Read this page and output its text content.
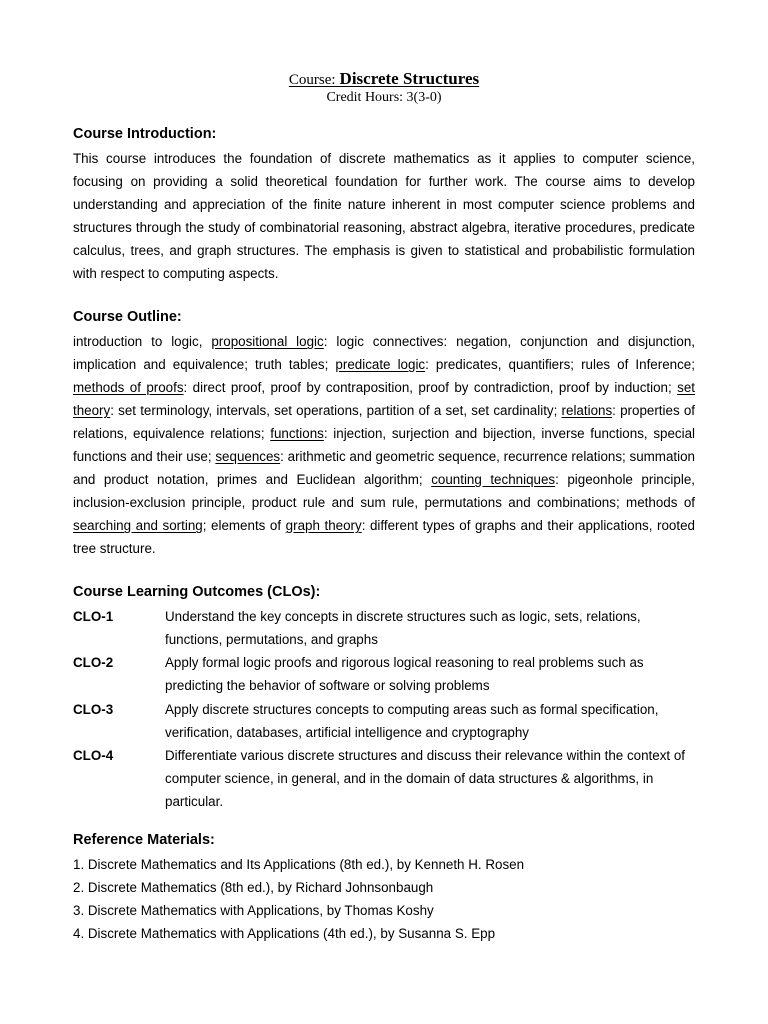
Course: Discrete Structures
Credit Hours: 3(3-0)
Course Introduction:
This course introduces the foundation of discrete mathematics as it applies to computer science, focusing on providing a solid theoretical foundation for further work. The course aims to develop understanding and appreciation of the finite nature inherent in most computer science problems and structures through the study of combinatorial reasoning, abstract algebra, iterative procedures, predicate calculus, trees, and graph structures. The emphasis is given to statistical and probabilistic formulation with respect to computing aspects.
Course Outline:
introduction to logic, propositional logic: logic connectives: negation, conjunction and disjunction, implication and equivalence; truth tables; predicate logic: predicates, quantifiers; rules of Inference; methods of proofs: direct proof, proof by contraposition, proof by contradiction, proof by induction; set theory: set terminology, intervals, set operations, partition of a set, set cardinality; relations: properties of relations, equivalence relations; functions: injection, surjection and bijection, inverse functions, special functions and their use; sequences: arithmetic and geometric sequence, recurrence relations; summation and product notation, primes and Euclidean algorithm; counting techniques: pigeonhole principle, inclusion-exclusion principle, product rule and sum rule, permutations and combinations; methods of searching and sorting; elements of graph theory: different types of graphs and their applications, rooted tree structure.
Course Learning Outcomes (CLOs):
CLO-1	Understand the key concepts in discrete structures such as logic, sets, relations, functions, permutations, and graphs
CLO-2	Apply formal logic proofs and rigorous logical reasoning to real problems such as predicting the behavior of software or solving problems
CLO-3	Apply discrete structures concepts to computing areas such as formal specification, verification, databases, artificial intelligence and cryptography
CLO-4	Differentiate various discrete structures and discuss their relevance within the context of computer science, in general, and in the domain of data structures & algorithms, in particular.
Reference Materials:
1. Discrete Mathematics and Its Applications (8th ed.), by Kenneth H. Rosen
2. Discrete Mathematics (8th ed.), by Richard Johnsonbaugh
3. Discrete Mathematics with Applications, by Thomas Koshy
4. Discrete Mathematics with Applications (4th ed.), by Susanna S. Epp
